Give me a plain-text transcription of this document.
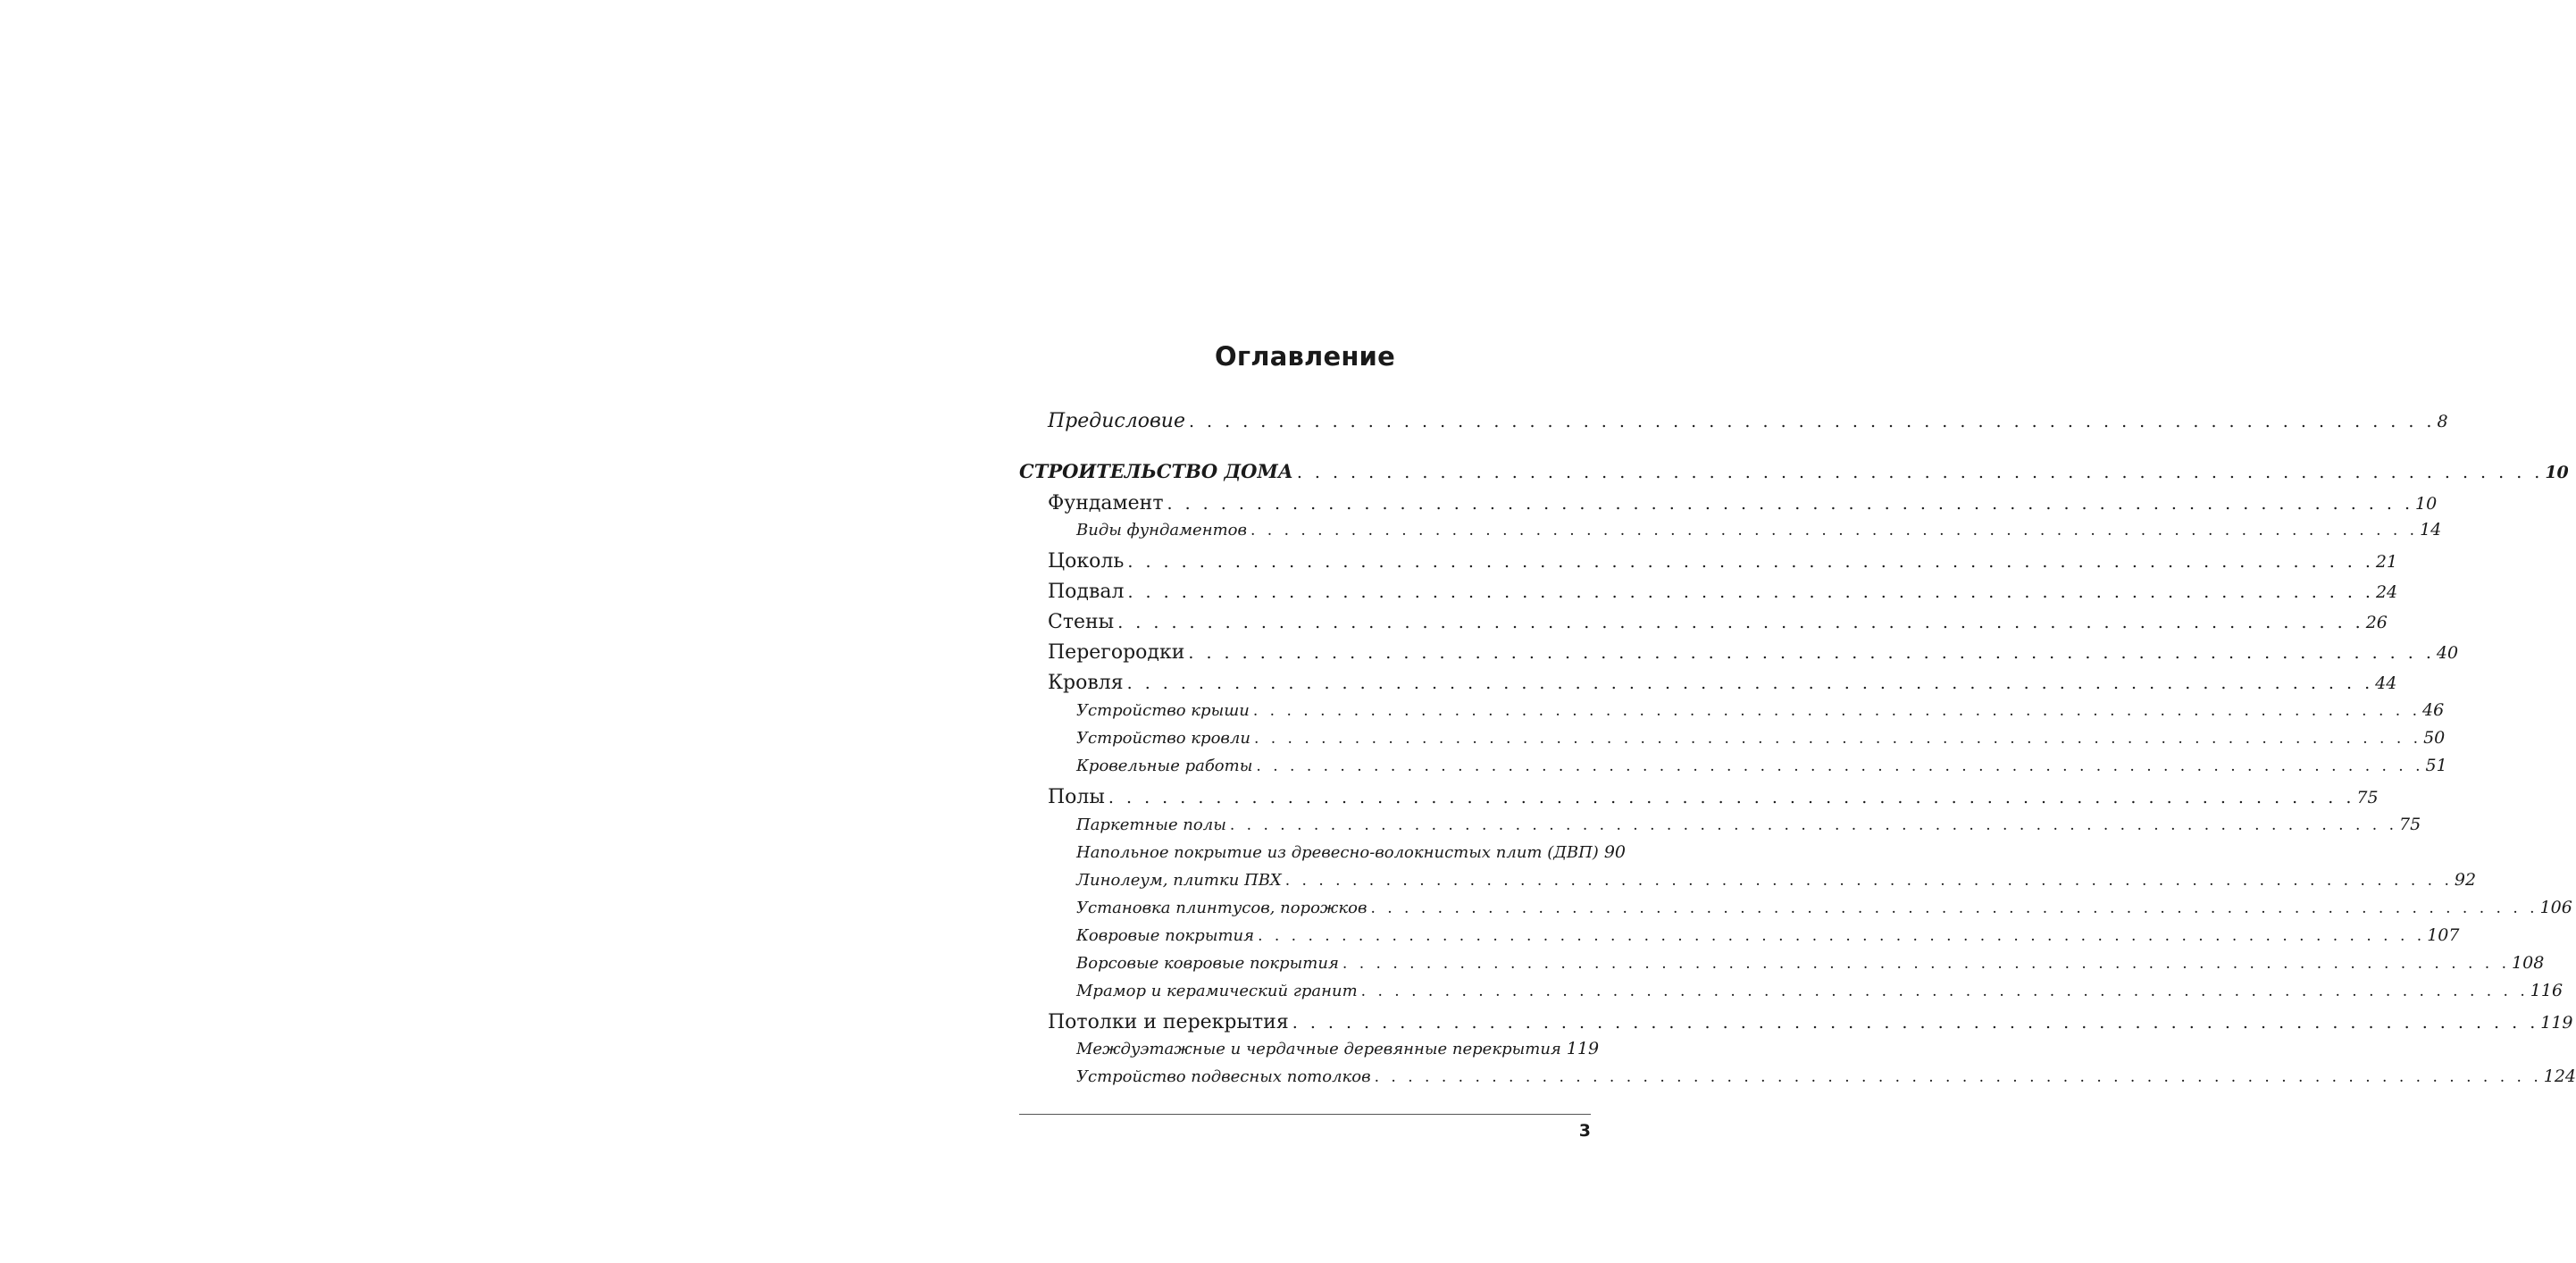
Оглавление
Предисловие . . . . . . . . . . . . . . . . . . . . . . . . . . . . . . . . . . . . . . . . . . . . . . . . . . . . . . . . . . . . . . . . . . . . . . 8
СТРОИТЕЛЬСТВО ДОМА . . . . . . . . . . . . . . . . . . . . . . . . . . . . . . . . . . . . . . . . . . . . . . . . . . . . . . . . . . . . . . . . . . . . . . 10
Фундамент . . . . . . . . . . . . . . . . . . . . . . . . . . . . . . . . . . . . . . . . . . . . . . . . . . . . . . . . . . . . . . . . . . . . . . 10
Виды фундаментов . . . . . . . . . . . . . . . . . . . . . . . . . . . . . . . . . . . . . . . . . . . . . . . . . . . . . . . . . . . . . . . . . . . . . . 14
Цоколь . . . . . . . . . . . . . . . . . . . . . . . . . . . . . . . . . . . . . . . . . . . . . . . . . . . . . . . . . . . . . . . . . . . . . . 21
Подвал . . . . . . . . . . . . . . . . . . . . . . . . . . . . . . . . . . . . . . . . . . . . . . . . . . . . . . . . . . . . . . . . . . . . . . 24
Стены . . . . . . . . . . . . . . . . . . . . . . . . . . . . . . . . . . . . . . . . . . . . . . . . . . . . . . . . . . . . . . . . . . . . . . 26
Перегородки . . . . . . . . . . . . . . . . . . . . . . . . . . . . . . . . . . . . . . . . . . . . . . . . . . . . . . . . . . . . . . . . . . . . . . 40
Кровля . . . . . . . . . . . . . . . . . . . . . . . . . . . . . . . . . . . . . . . . . . . . . . . . . . . . . . . . . . . . . . . . . . . . . . 44
Устройство крыши . . . . . . . . . . . . . . . . . . . . . . . . . . . . . . . . . . . . . . . . . . . . . . . . . . . . . . . . . . . . . . . . . . . . . . 46
Устройство кровли . . . . . . . . . . . . . . . . . . . . . . . . . . . . . . . . . . . . . . . . . . . . . . . . . . . . . . . . . . . . . . . . . . . . . . 50
Кровельные работы . . . . . . . . . . . . . . . . . . . . . . . . . . . . . . . . . . . . . . . . . . . . . . . . . . . . . . . . . . . . . . . . . . . . . . 51
Полы . . . . . . . . . . . . . . . . . . . . . . . . . . . . . . . . . . . . . . . . . . . . . . . . . . . . . . . . . . . . . . . . . . . . . . 75
Паркетные полы . . . . . . . . . . . . . . . . . . . . . . . . . . . . . . . . . . . . . . . . . . . . . . . . . . . . . . . . . . . . . . . . . . . . . . 75
Напольное покрытие из древесно-волокнистых плит (ДВП) 90
Линолеум, плитки ПВХ . . . . . . . . . . . . . . . . . . . . . . . . . . . . . . . . . . . . . . . . . . . . . . . . . . . . . . . . . . . . . . . . . . . . . . 92
Установка плинтусов, порожков . . . . . . . . . . . . . . . . . . . . . . . . . . . . . . . . . . . . . . . . . . . . . . . . . . . . . . . . . . . . . . . . . . . . . . 106
Ковровые покрытия . . . . . . . . . . . . . . . . . . . . . . . . . . . . . . . . . . . . . . . . . . . . . . . . . . . . . . . . . . . . . . . . . . . . . . 107
Ворсовые ковровые покрытия . . . . . . . . . . . . . . . . . . . . . . . . . . . . . . . . . . . . . . . . . . . . . . . . . . . . . . . . . . . . . . . . . . . . . . 108
Мрамор и керамический гранит . . . . . . . . . . . . . . . . . . . . . . . . . . . . . . . . . . . . . . . . . . . . . . . . . . . . . . . . . . . . . . . . . . . . . . 116
Потолки и перекрытия . . . . . . . . . . . . . . . . . . . . . . . . . . . . . . . . . . . . . . . . . . . . . . . . . . . . . . . . . . . . . . . . . . . . . . 119
Междуэтажные и чердачные деревянные перекрытия 119
Устройство подвесных потолков . . . . . . . . . . . . . . . . . . . . . . . . . . . . . . . . . . . . . . . . . . . . . . . . . . . . . . . . . . . . . . . . . . . . . . 124
3
